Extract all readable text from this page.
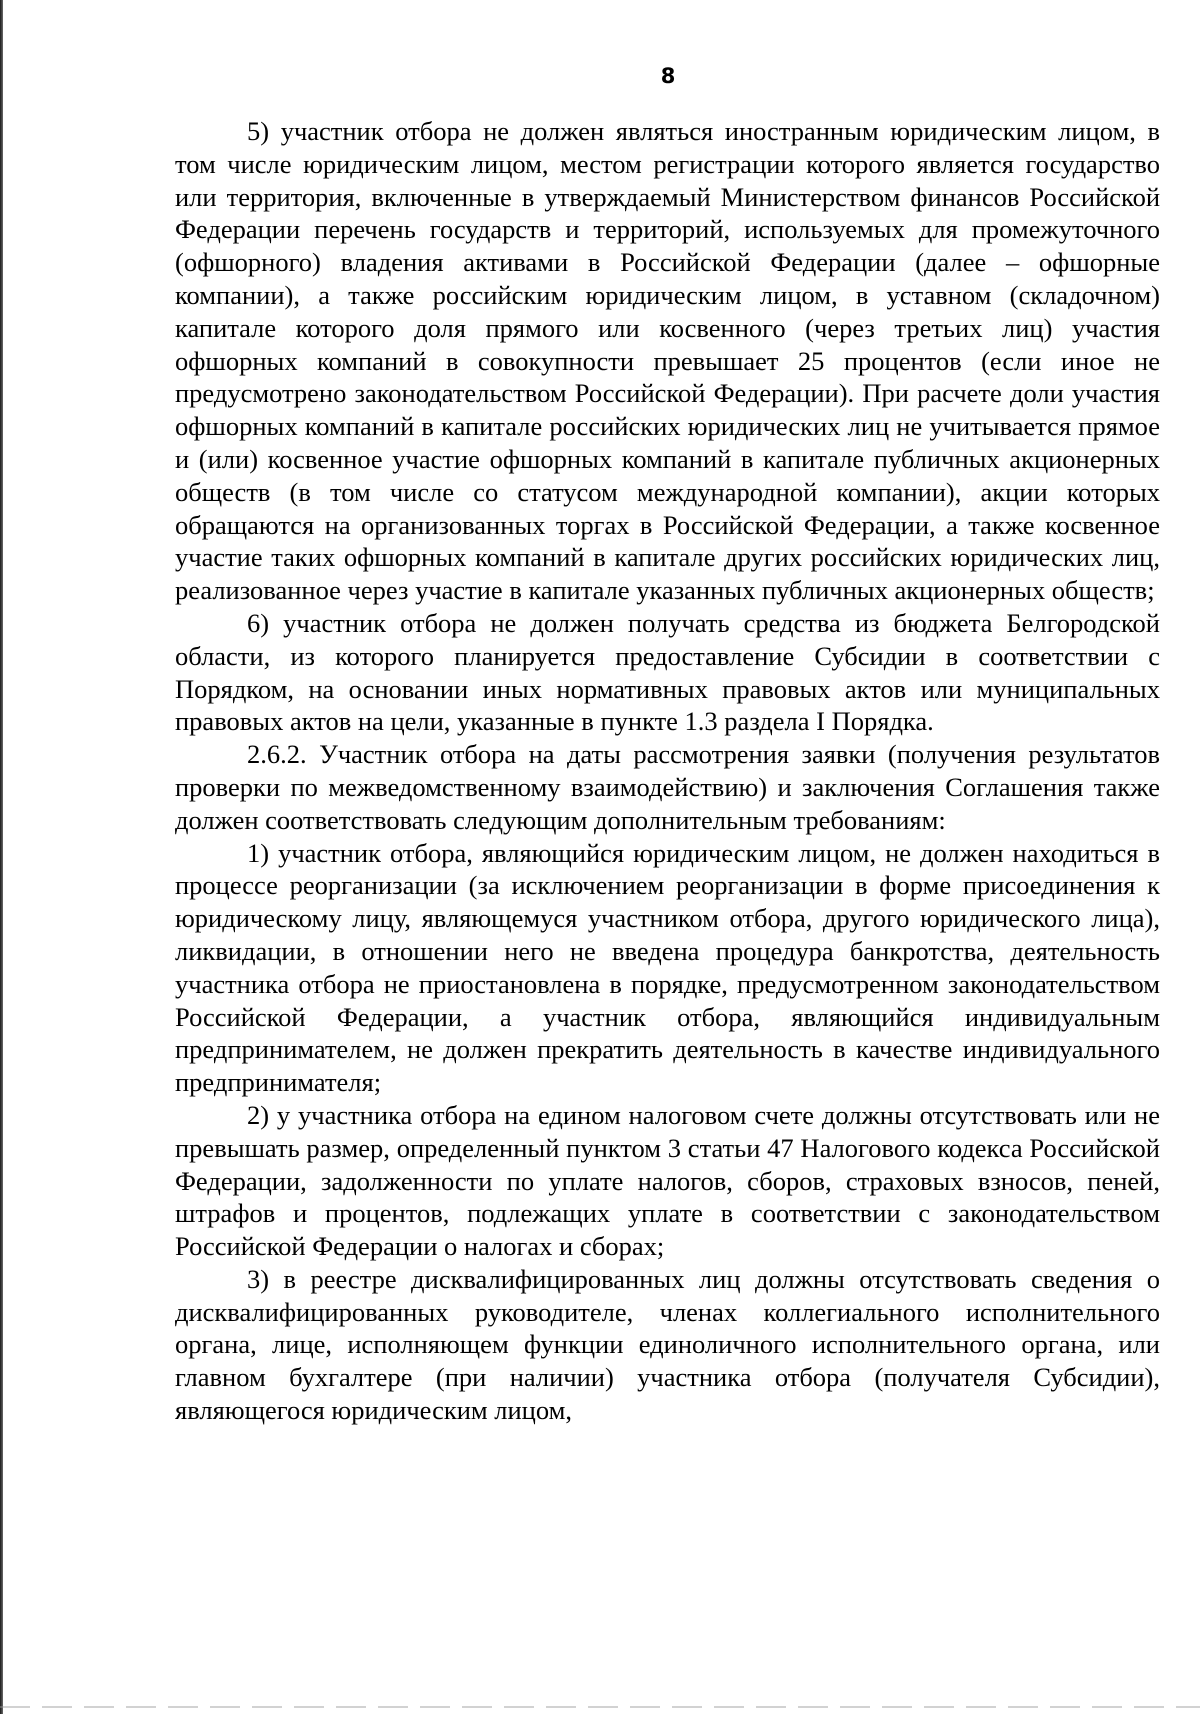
8

5) участник отбора не должен являться иностранным юридическим лицом, в том числе юридическим лицом, местом регистрации которого является государство или территория, включенные в утверждаемый Министерством финансов Российской Федерации перечень государств и территорий, используемых для промежуточного (офшорного) владения активами в Российской Федерации (далее – офшорные компании), а также российским юридическим лицом, в уставном (складочном) капитале которого доля прямого или косвенного (через третьих лиц) участия офшорных компаний в совокупности превышает 25 процентов (если иное не предусмотрено законодательством Российской Федерации). При расчете доли участия офшорных компаний в капитале российских юридических лиц не учитывается прямое и (или) косвенное участие офшорных компаний в капитале публичных акционерных обществ (в том числе со статусом международной компании), акции которых обращаются на организованных торгах в Российской Федерации, а также косвенное участие таких офшорных компаний в капитале других российских юридических лиц, реализованное через участие в капитале указанных публичных акционерных обществ;

6) участник отбора не должен получать средства из бюджета Белгородской области, из которого планируется предоставление Субсидии в соответствии с Порядком, на основании иных нормативных правовых актов или муниципальных правовых актов на цели, указанные в пункте 1.3 раздела I Порядка.

2.6.2. Участник отбора на даты рассмотрения заявки (получения результатов проверки по межведомственному взаимодействию) и заключения Соглашения также должен соответствовать следующим дополнительным требованиям:

1) участник отбора, являющийся юридическим лицом, не должен находиться в процессе реорганизации (за исключением реорганизации в форме присоединения к юридическому лицу, являющемуся участником отбора, другого юридического лица), ликвидации, в отношении него не введена процедура банкротства, деятельность участника отбора не приостановлена в порядке, предусмотренном законодательством Российской Федерации, а участник отбора, являющийся индивидуальным предпринимателем, не должен прекратить деятельность в качестве индивидуального предпринимателя;

2) у участника отбора на едином налоговом счете должны отсутствовать или не превышать размер, определенный пунктом 3 статьи 47 Налогового кодекса Российской Федерации, задолженности по уплате налогов, сборов, страховых взносов, пеней, штрафов и процентов, подлежащих уплате в соответствии с законодательством Российской Федерации о налогах и сборах;

3) в реестре дисквалифицированных лиц должны отсутствовать сведения о дисквалифицированных руководителе, членах коллегиального исполнительного органа, лице, исполняющем функции единоличного исполнительного органа, или главном бухгалтере (при наличии) участника отбора (получателя Субсидии), являющегося юридическим лицом,
